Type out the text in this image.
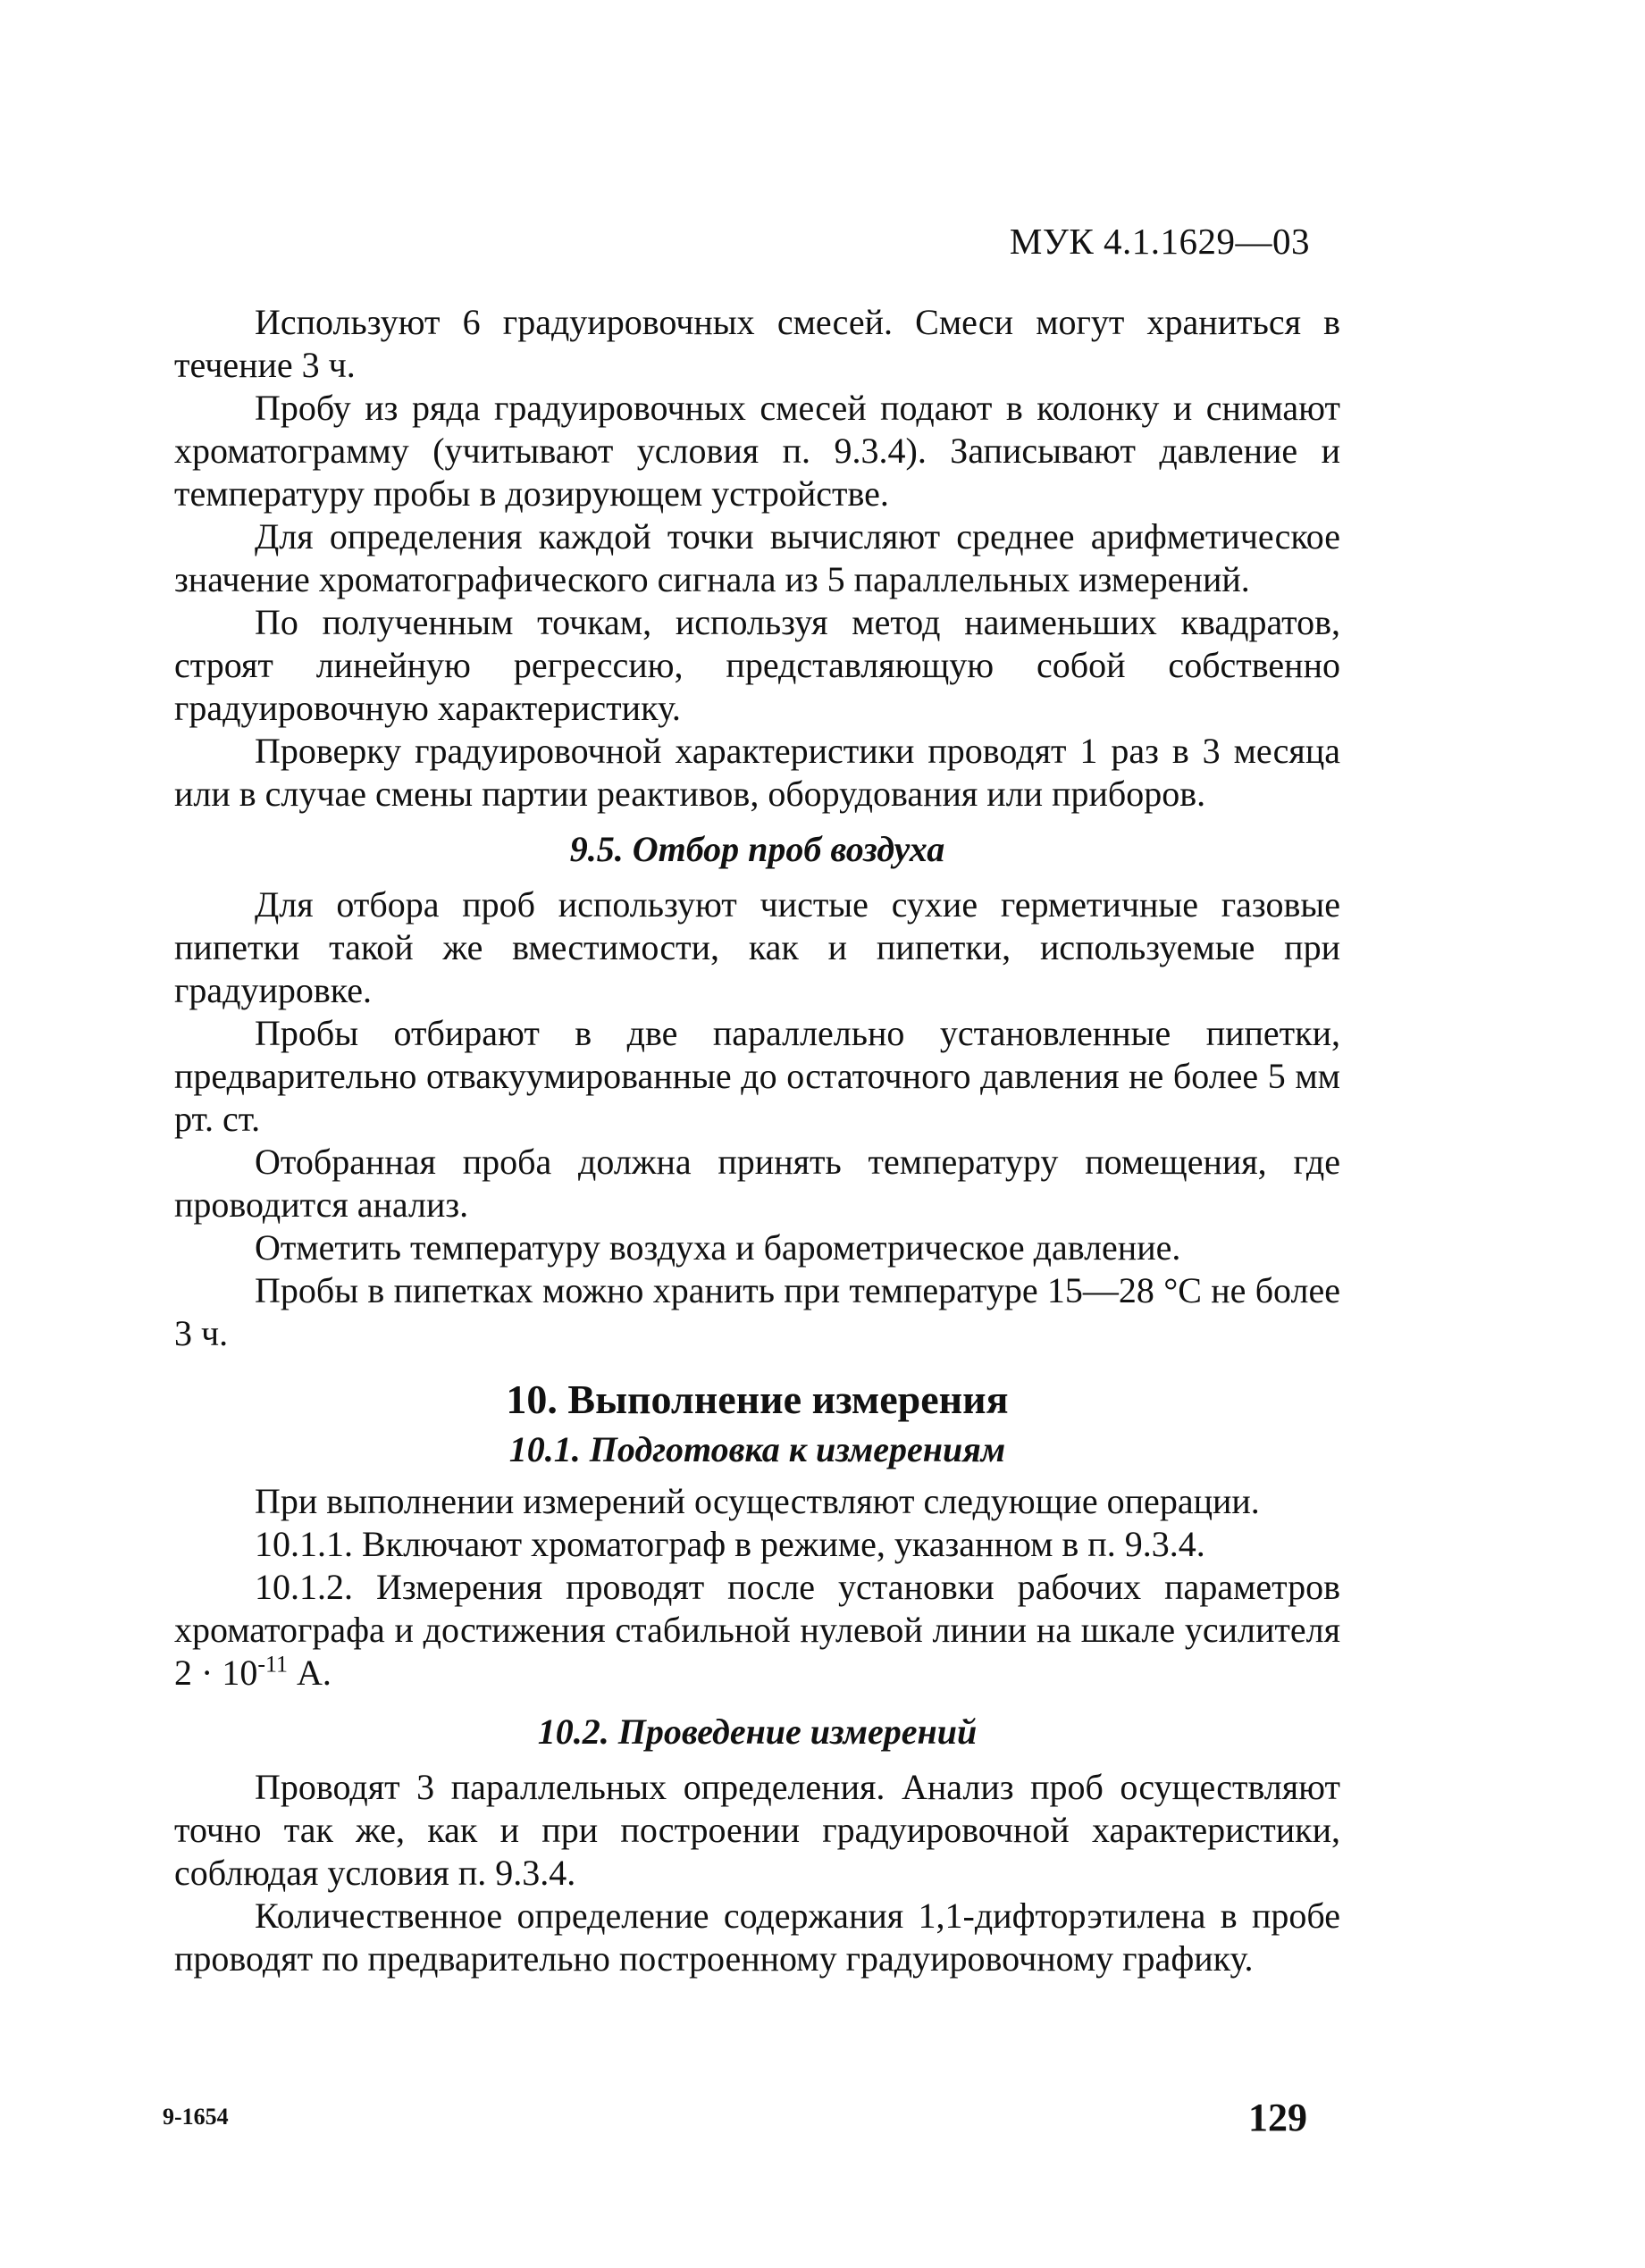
МУК 4.1.1629—03

Используют 6 градуировочных смесей. Смеси могут храниться в течение 3 ч.

Пробу из ряда градуировочных смесей подают в колонку и снимают хроматограмму (учитывают условия п. 9.3.4). Записывают давление и температуру пробы в дозирующем устройстве.

Для определения каждой точки вычисляют среднее арифметическое значение хроматографического сигнала из 5 параллельных измерений.

По полученным точкам, используя метод наименьших квадратов, строят линейную регрессию, представляющую собой собственно градуировочную характеристику.

Проверку градуировочной характеристики проводят 1 раз в 3 месяца или в случае смены партии реактивов, оборудования или приборов.

9.5. Отбор проб воздуха

Для отбора проб используют чистые сухие герметичные газовые пипетки такой же вместимости, как и пипетки, используемые при градуировке.

Пробы отбирают в две параллельно установленные пипетки, предварительно отвакуумированные до остаточного давления не более 5 мм рт. ст.

Отобранная проба должна принять температуру помещения, где проводится анализ.

Отметить температуру воздуха и барометрическое давление.

Пробы в пипетках можно хранить при температуре 15—28 °С не более 3 ч.

10. Выполнение измерения
10.1. Подготовка к измерениям

При выполнении измерений осуществляют следующие операции.

10.1.1. Включают хроматограф в режиме, указанном в п. 9.3.4.

10.1.2. Измерения проводят после установки рабочих параметров хроматографа и достижения стабильной нулевой линии на шкале усилителя $2 \cdot 10^{-11}$ А.

10.2. Проведение измерений

Проводят 3 параллельных определения. Анализ проб осуществляют точно так же, как и при построении градуировочной характеристики, соблюдая условия п. 9.3.4.

Количественное определение содержания 1,1-дифторэтилена в пробе проводят по предварительно построенному градуировочному графику.

9-1654	129
